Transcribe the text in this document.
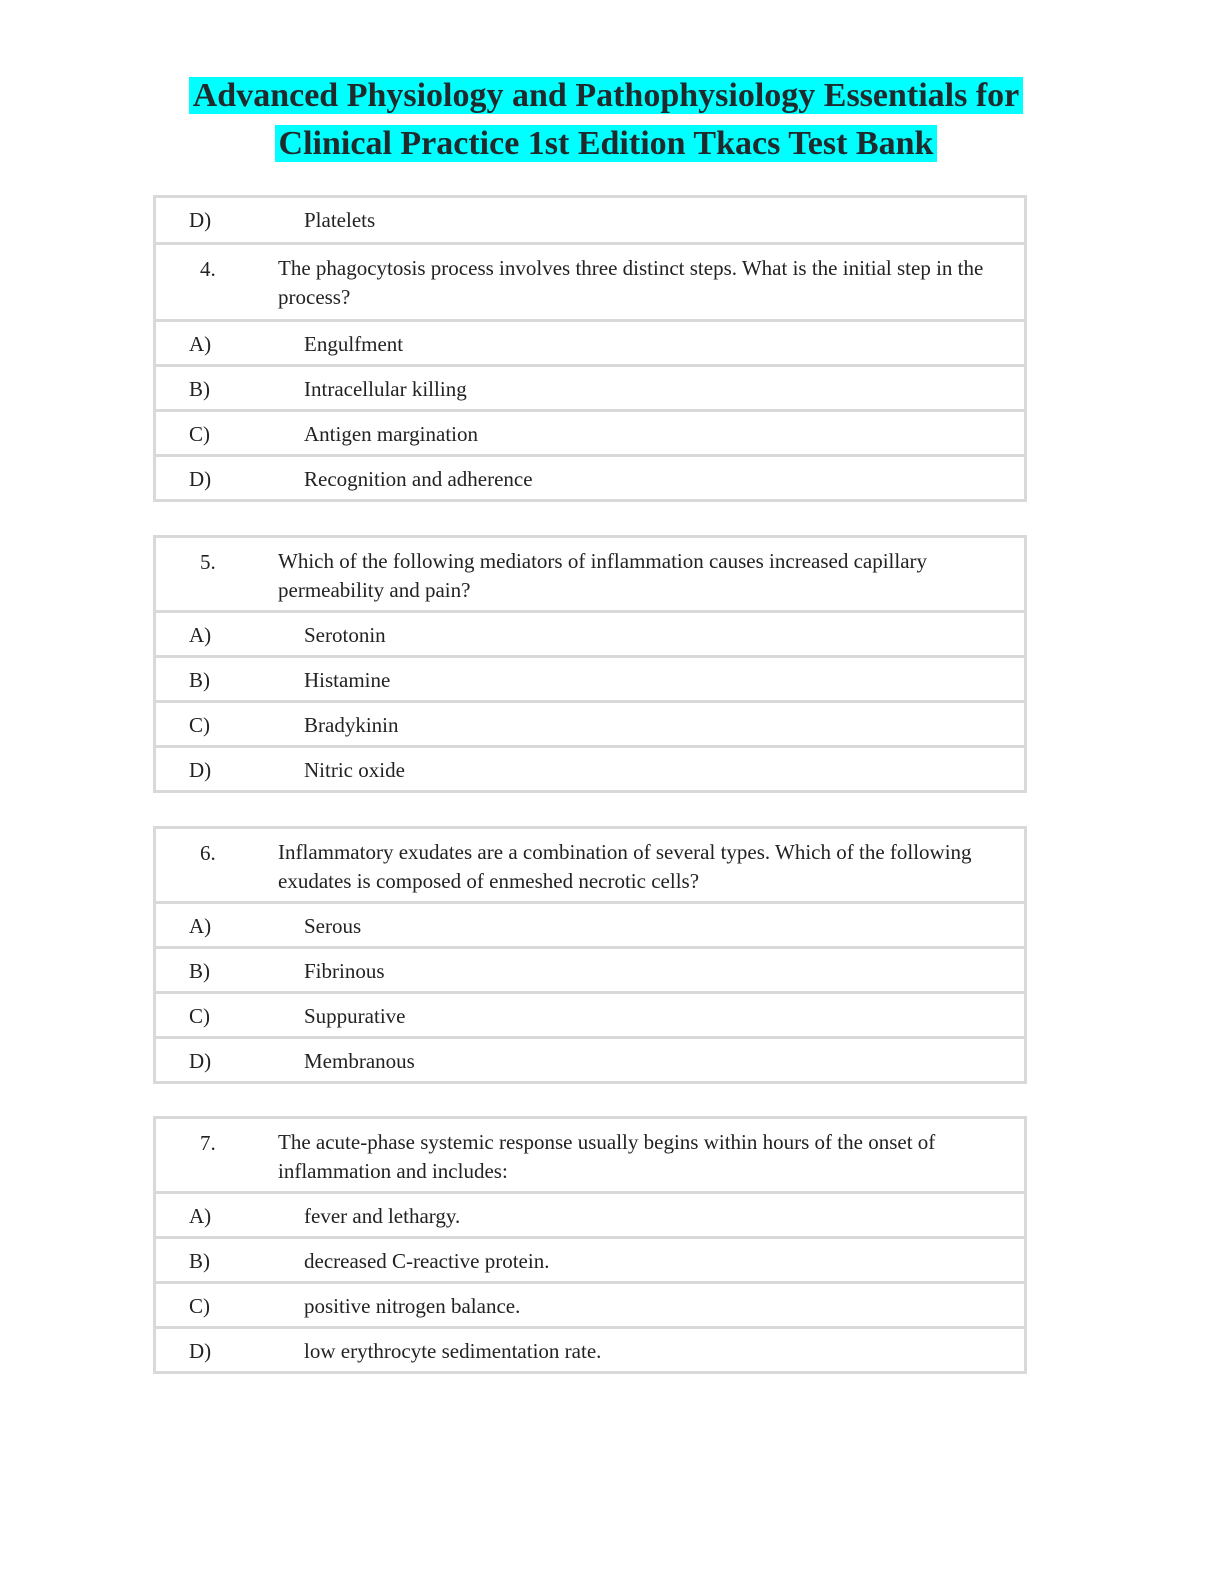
Advanced Physiology and Pathophysiology Essentials for
Clinical Practice 1st Edition Tkacs Test Bank
D)	Platelets
4.	The phagocytosis process involves three distinct steps. What is the initial step in the process?
A)	Engulfment
B)	Intracellular killing
C)	Antigen margination
D)	Recognition and adherence
5.	Which of the following mediators of inflammation causes increased capillary permeability and pain?
A)	Serotonin
B)	Histamine
C)	Bradykinin
D)	Nitric oxide
6.	Inflammatory exudates are a combination of several types. Which of the following exudates is composed of enmeshed necrotic cells?
A)	Serous
B)	Fibrinous
C)	Suppurative
D)	Membranous
7.	The acute-phase systemic response usually begins within hours of the onset of inflammation and includes:
A)	fever and lethargy.
B)	decreased C-reactive protein.
C)	positive nitrogen balance.
D)	low erythrocyte sedimentation rate.
